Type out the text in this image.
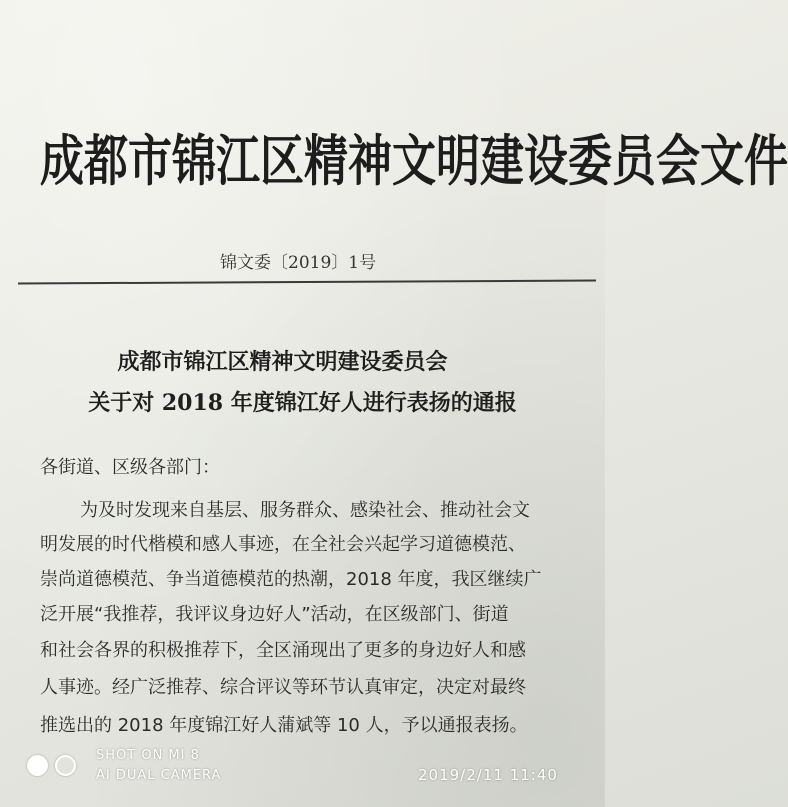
成都市锦江区精神文明建设委员会文件
锦文委〔2019〕1号
成都市锦江区精神文明建设委员会
关于对 2018 年度锦江好人进行表扬的通报
各街道、区级各部门：
为及时发现来自基层、服务群众、感染社会、推动社会文
明发展的时代楷模和感人事迹，在全社会兴起学习道德模范、
崇尚道德模范、争当道德模范的热潮，2018 年度，我区继续广
泛开展“我推荐，我评议身边好人”活动，在区级部门、街道
和社会各界的积极推荐下，全区涌现出了更多的身边好人和感
人事迹。经广泛推荐、综合评议等环节认真审定，决定对最终
推选出的 2018 年度锦江好人蒲斌等 10 人，予以通报表扬。
SHOT ON MI 8
AI DUAL CAMERA	2019/2/11 11:40
